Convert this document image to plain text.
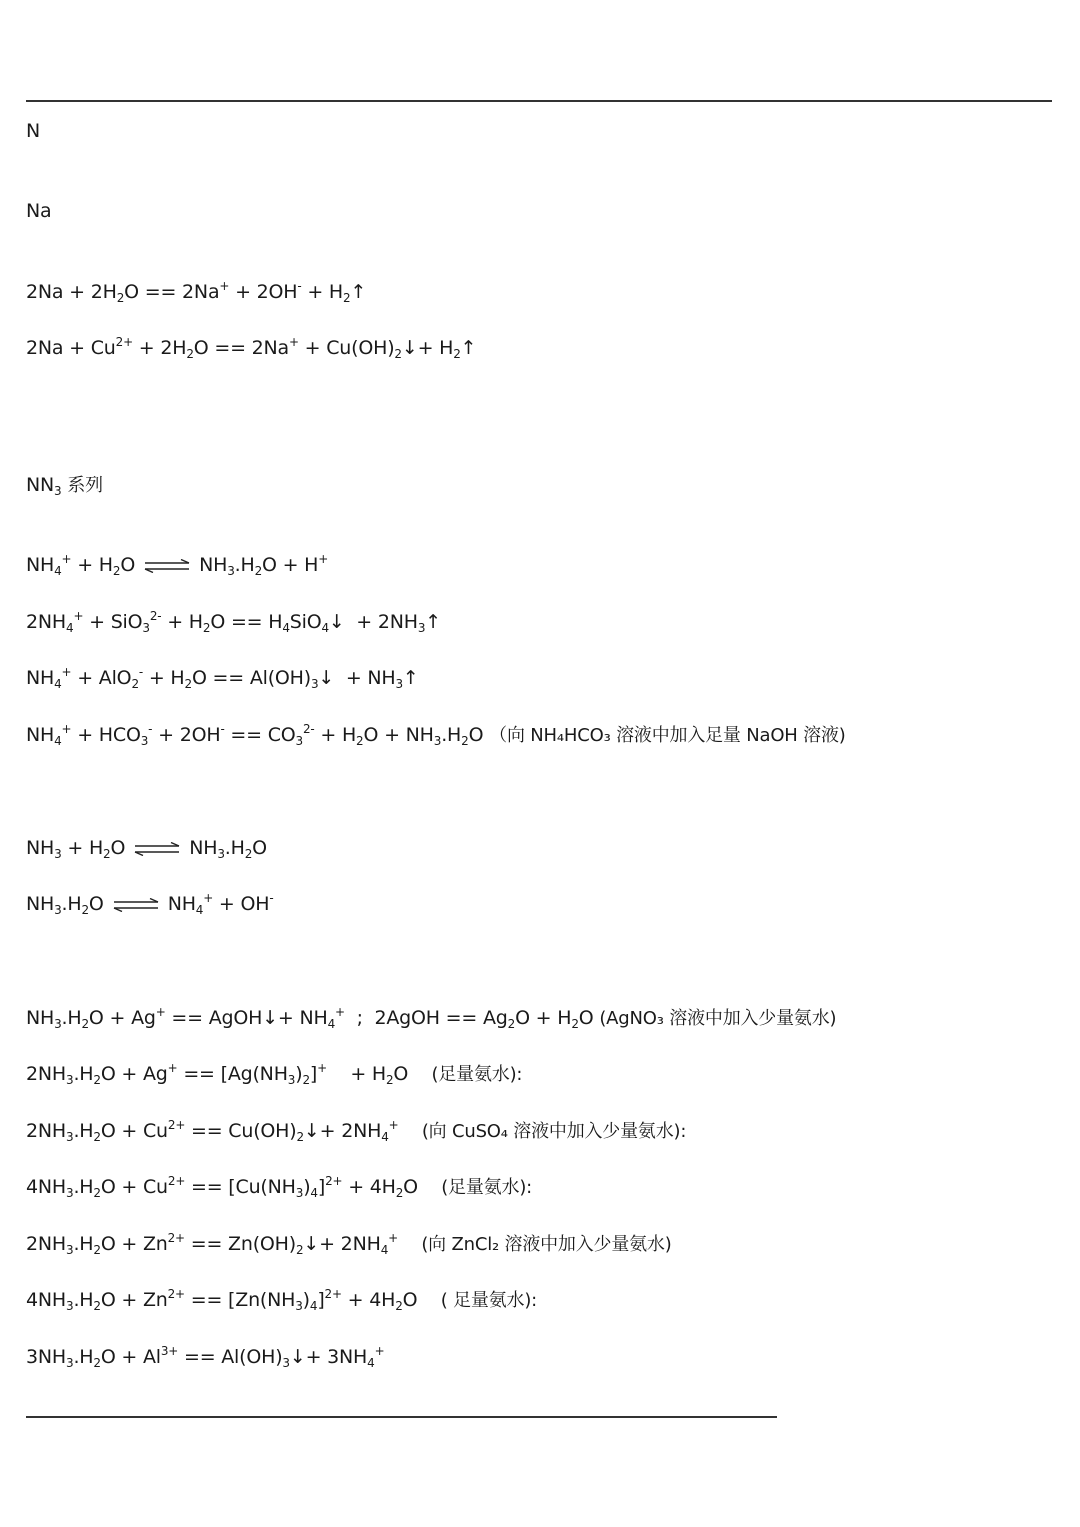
N
Na
$2Na + 2H_2O == 2Na^+ + 2OH^-$ + $H_2↑$
$2Na + Cu^{2+} + 2H_2O == 2Na^+$ + $Cu(OH)_2↓+$ $H_2↑$
$NN_3$ 系列
$NH_4^+ + H_2O$ ⇌ $NH_3.H_2O + H^+$
$2NH_4^+ + SiO_3^{2-} + H_2O$ == $H_4SiO_4↓$  + $2NH_3↑$
$NH_4^+ + AlO_2^- + H_2O$ == $Al(OH)_3↓$  + $NH_3↑$
$NH_4^+ + HCO_3^- + 2OH^- == CO_3^{2-} + H_2O + NH_3.H_2O$ （向 NH₄HCO₃ 溶液中加入足量 NaOH 溶液)
$NH_3 + H_2O$ ⇌ $NH_3.H_2O$
$NH_3.H_2O$ ⇌ $NH_4^+ + OH^-$
$NH_3.H_2O + Ag^+$ == AgOH↓+ $NH_4^+$  ;  2AgOH == $Ag_2O + H_2O$ (AgNO₃ 溶液中加入少量氨水)
$2NH_3.H_2O + Ag^+ == [Ag(NH_3)_2]^+$    + $H_2O$    (足量氨水):
$2NH_3.H_2O + Cu^{2+}$ == $Cu(OH)_2↓+ 2NH_4^+$ (向 CuSO₄ 溶液中加入少量氨水):
$4NH_3.H_2O + Cu^{2+} == [Cu(NH_3)_4]^{2+} + 4H_2O$    (足量氨水):
$2NH_3.H_2O + Zn^{2+}$ == $Zn(OH)_2↓+ 2NH_4^+$ (向 ZnCl₂ 溶液中加入少量氨水)
$4NH_3.H_2O + Zn^{2+} == [Zn(NH_3)_4]^{2+} + 4H_2O$    ( 足量氨水):
$3NH_3.H_2O + Al^{3+}$ == $Al(OH)_3↓+ 3NH_4^+$
